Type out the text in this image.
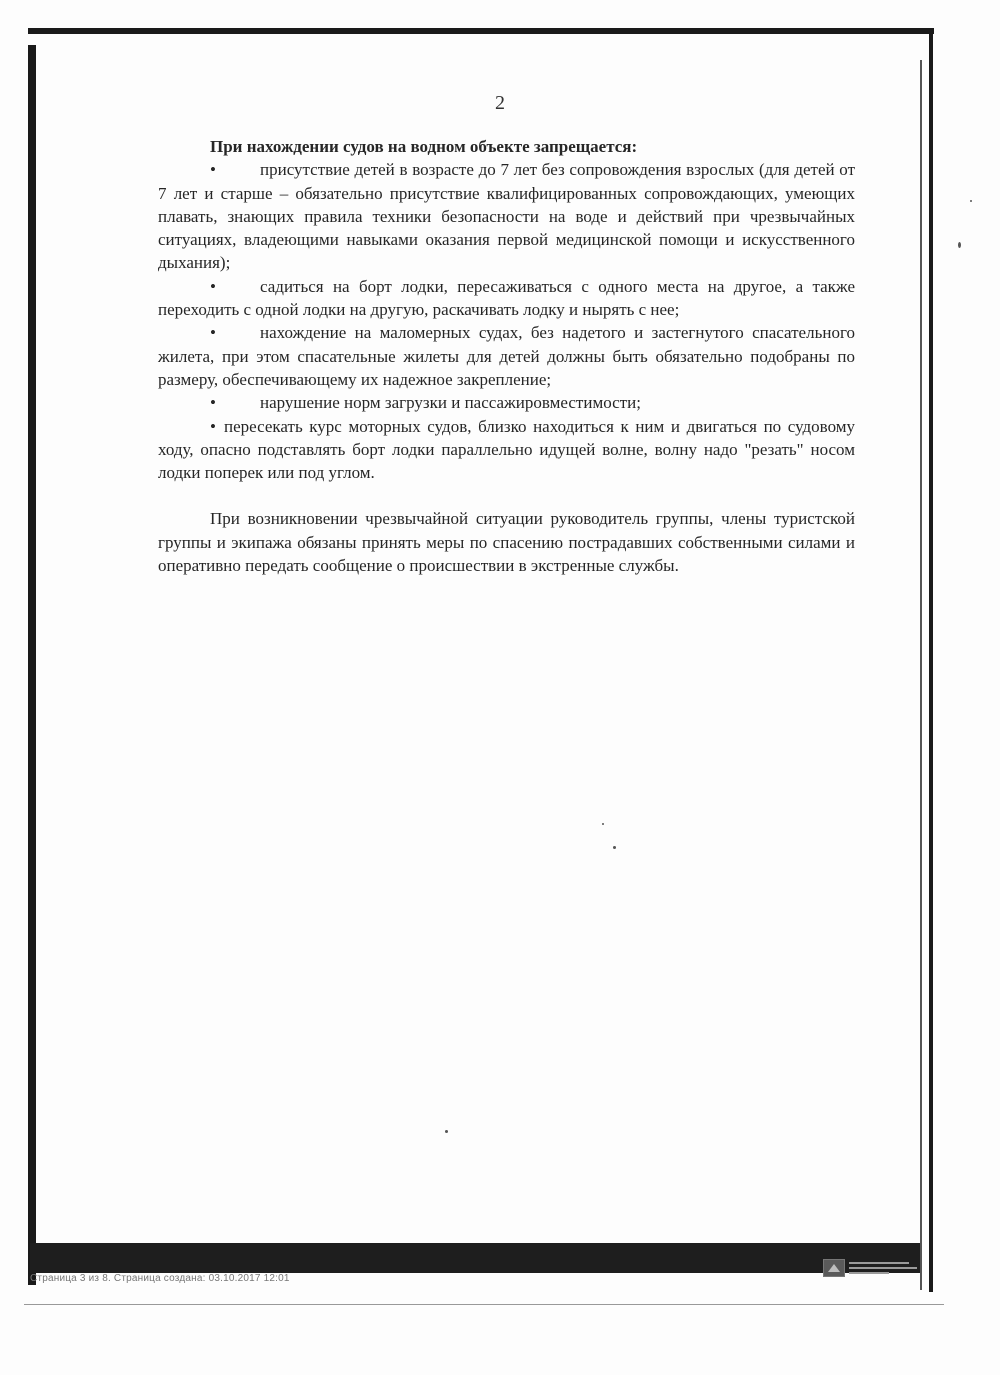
2

При нахождении судов на водном объекте запрещается:

•	присутствие детей в возрасте до 7 лет без сопровождения взрослых (для детей от 7 лет и старше – обязательно присутствие квалифицированных сопровождающих, умеющих плавать, знающих правила техники безопасности на воде и действий при чрезвычайных ситуациях, владеющими навыками оказания первой медицинской помощи и искусственного дыхания);

•	садиться на борт лодки, пересаживаться с одного места на другое, а также переходить с одной лодки на другую, раскачивать лодку и нырять с нее;

•	нахождение на маломерных судах, без надетого и застегнутого спасательного жилета, при этом спасательные жилеты для детей должны быть обязательно подобраны по размеру, обеспечивающему их надежное закрепление;

•	нарушение норм загрузки и пассажировместимости;

• пересекать курс моторных судов, близко находиться к ним и двигаться по судовому ходу, опасно подставлять борт лодки параллельно идущей волне, волну надо "резать" носом лодки поперек или под углом.

При возникновении чрезвычайной ситуации руководитель группы, члены туристской группы и экипажа обязаны принять меры по спасению пострадавших собственными силами и оперативно передать сообщение о происшествии в экстренные службы.

Страница 3 из 8. Страница создана: 03.10.2017 12:01
